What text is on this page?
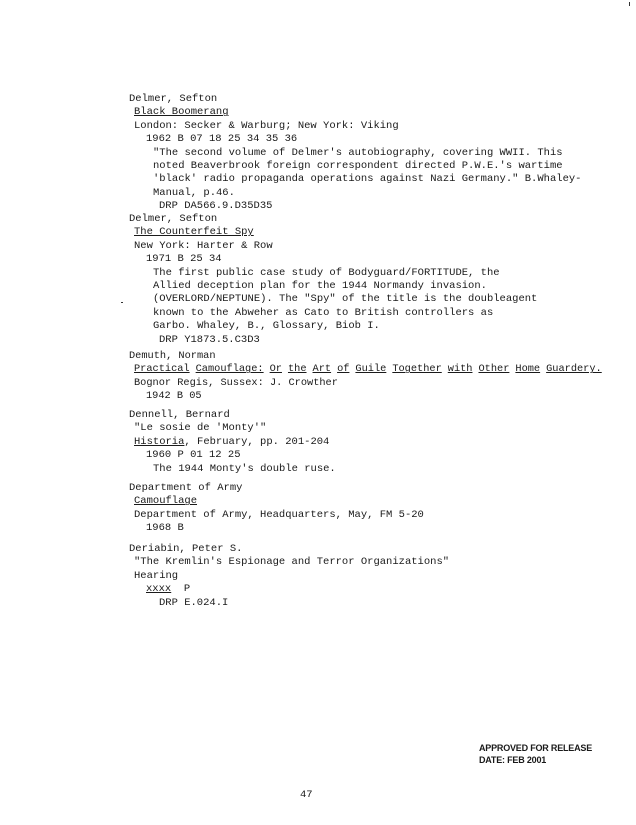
Delmer, Sefton
Black Boomerang
London: Secker & Warburg; New York: Viking
1962 B 07 18 25 34 35 36
"The second volume of Delmer's autobiography, covering WWII. This
noted Beaverbrook foreign correspondent directed P.W.E.'s wartime
'black' radio propaganda operations against Nazi Germany." B.Whaley-
Manual, p.46.
DRP DA566.9.D35D35
Delmer, Sefton
The Counterfeit Spy
New York: Harter & Row
1971 B 25 34
The first public case study of Bodyguard/FORTITUDE, the
Allied deception plan for the 1944 Normandy invasion.
(OVERLORD/NEPTUNE). The "Spy" of the title is the doubleagent
known to the Abweher as Cato to British controllers as
Garbo. Whaley, B., Glossary, Biob I.
DRP Y1873.5.C3D3
Demuth, Norman
Practical Camouflage: Or the Art of Guile Together with Other Home Guardery.
Bognor Regis, Sussex: J. Crowther
1942 B 05
Dennell, Bernard
"Le sosie de 'Monty'"
Historia, February, pp. 201-204
1960 P 01 12 25
The 1944 Monty's double ruse.
Department of Army
Camouflage
Department of Army, Headquarters, May, FM 5-20
1968 B
Deriabin, Peter S.
"The Kremlin's Espionage and Terror Organizations"
Hearing
xxxx  P
DRP E.024.I
APPROVED FOR RELEASE
DATE: FEB 2001
47
